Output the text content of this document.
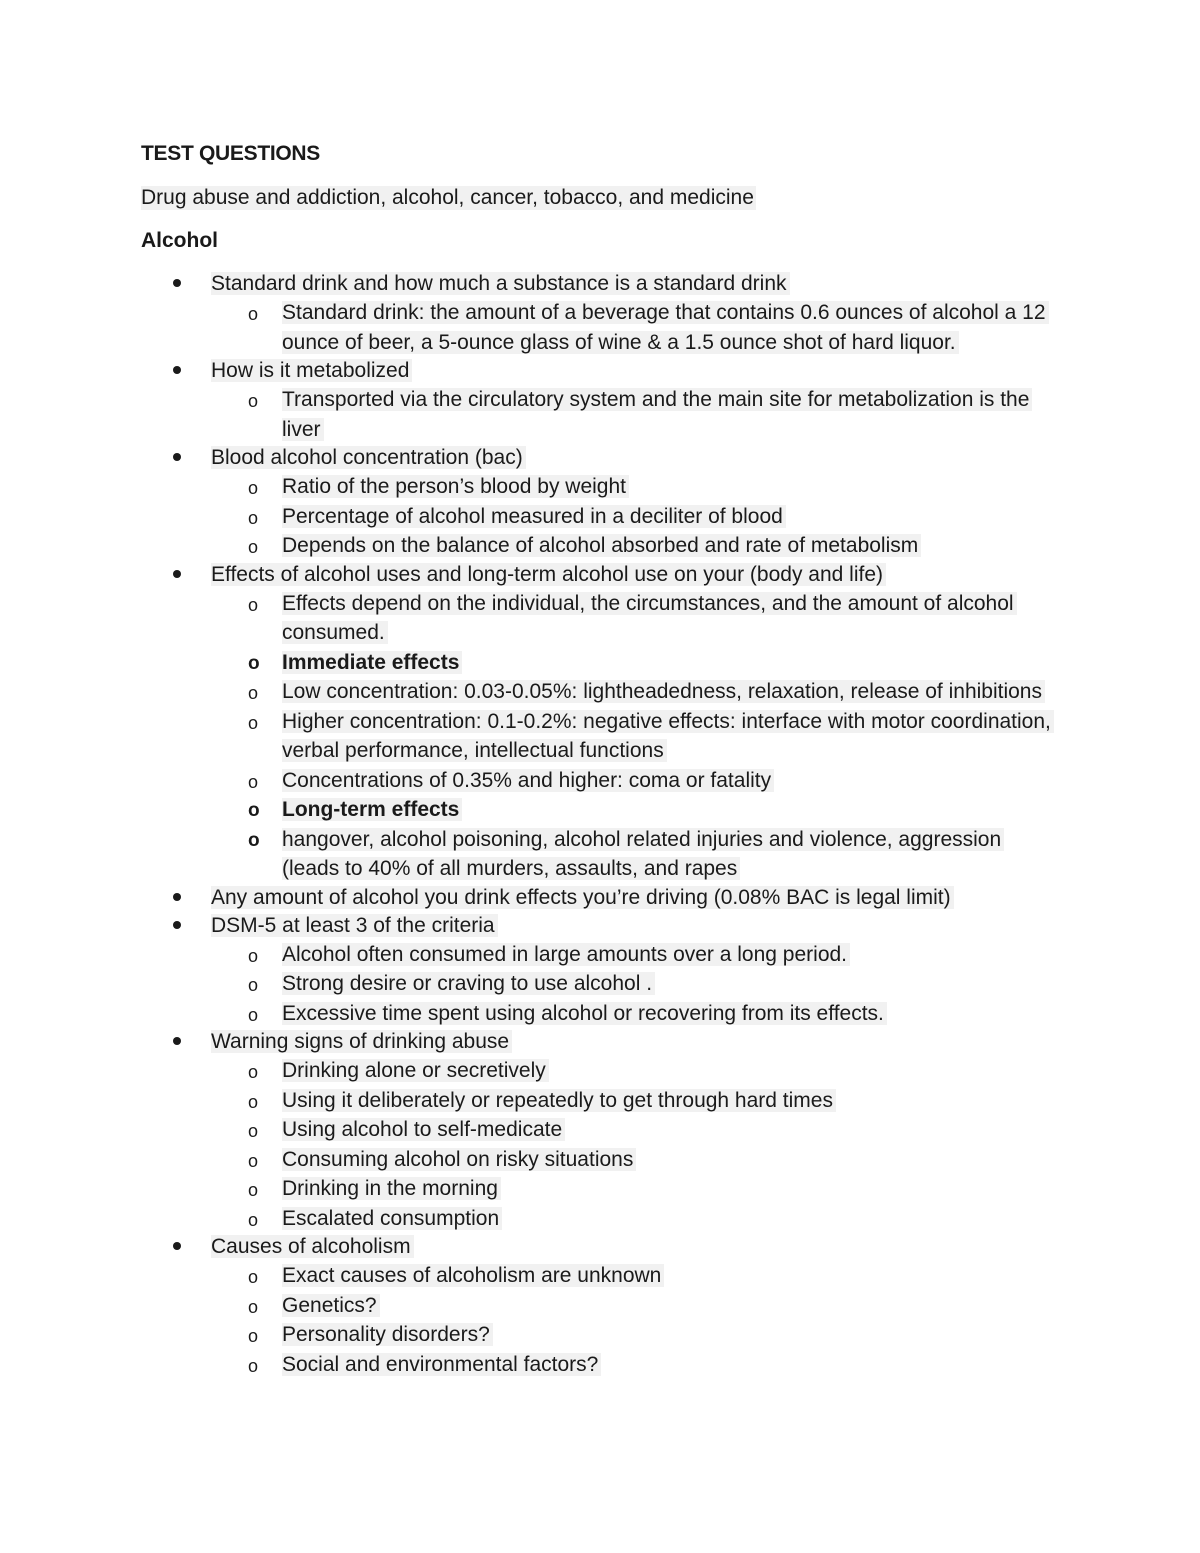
TEST QUESTIONS
Drug abuse and addiction, alcohol, cancer, tobacco, and medicine
Alcohol
Standard drink and how much a substance is a standard drink
o Standard drink: the amount of a beverage that contains 0.6 ounces of alcohol a 12 ounce of beer, a 5-ounce glass of wine & a 1.5 ounce shot of hard liquor.
How is it metabolized
o Transported via the circulatory system and the main site for metabolization is the liver
Blood alcohol concentration (bac)
o Ratio of the person’s blood by weight
o Percentage of alcohol measured in a deciliter of blood
o Depends on the balance of alcohol absorbed and rate of metabolism
Effects of alcohol uses and long-term alcohol use on your (body and life)
o Effects depend on the individual, the circumstances, and the amount of alcohol consumed.
o Immediate effects
o Low concentration: 0.03-0.05%: lightheadedness, relaxation, release of inhibitions
o Higher concentration: 0.1-0.2%: negative effects: interface with motor coordination, verbal performance, intellectual functions
o Concentrations of 0.35% and higher: coma or fatality
o Long-term effects
o hangover, alcohol poisoning, alcohol related injuries and violence, aggression (leads to 40% of all murders, assaults, and rapes
Any amount of alcohol you drink effects you’re driving (0.08% BAC is legal limit)
DSM-5 at least 3 of the criteria
o Alcohol often consumed in large amounts over a long period.
o Strong desire or craving to use alcohol .
o Excessive time spent using alcohol or recovering from its effects.
Warning signs of drinking abuse
o Drinking alone or secretively
o Using it deliberately or repeatedly to get through hard times
o Using alcohol to self-medicate
o Consuming alcohol on risky situations
o Drinking in the morning
o Escalated consumption
Causes of alcoholism
o Exact causes of alcoholism are unknown
o Genetics?
o Personality disorders?
o Social and environmental factors?
